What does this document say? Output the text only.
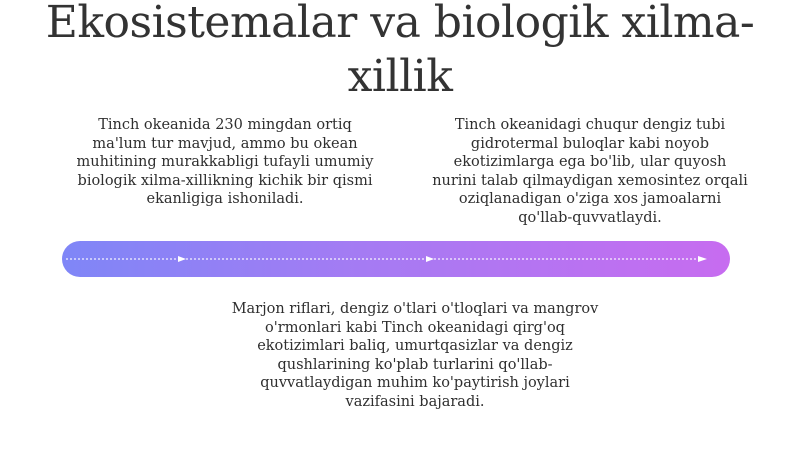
Ekosistemalar va biologik xilma-xillik

Tinch okeanida 230 mingdan ortiq ma'lum tur mavjud, ammo bu okean muhitining murakkabligi tufayli umumiy biologik xilma-xillikning kichik bir qismi ekanligiga ishoniladi.

Tinch okeanidagi chuqur dengiz tubi gidrotermal buloqlar kabi noyob ekotizimlarga ega bo'lib, ular quyosh nurini talab qilmaydigan xemosintez orqali oziqlanadigan o'ziga xos jamoalarni qo'llab-quvvatlaydi.

Marjon riflari, dengiz o'tlari o'tloqlari va mangrov o'rmonlari kabi Tinch okeanidagi qirg'oq ekotizimlari baliq, umurtqasizlar va dengiz qushlarining ko'plab turlarini qo'llab-quvvatlaydigan muhim ko'paytirish joylari vazifasini bajaradi.
